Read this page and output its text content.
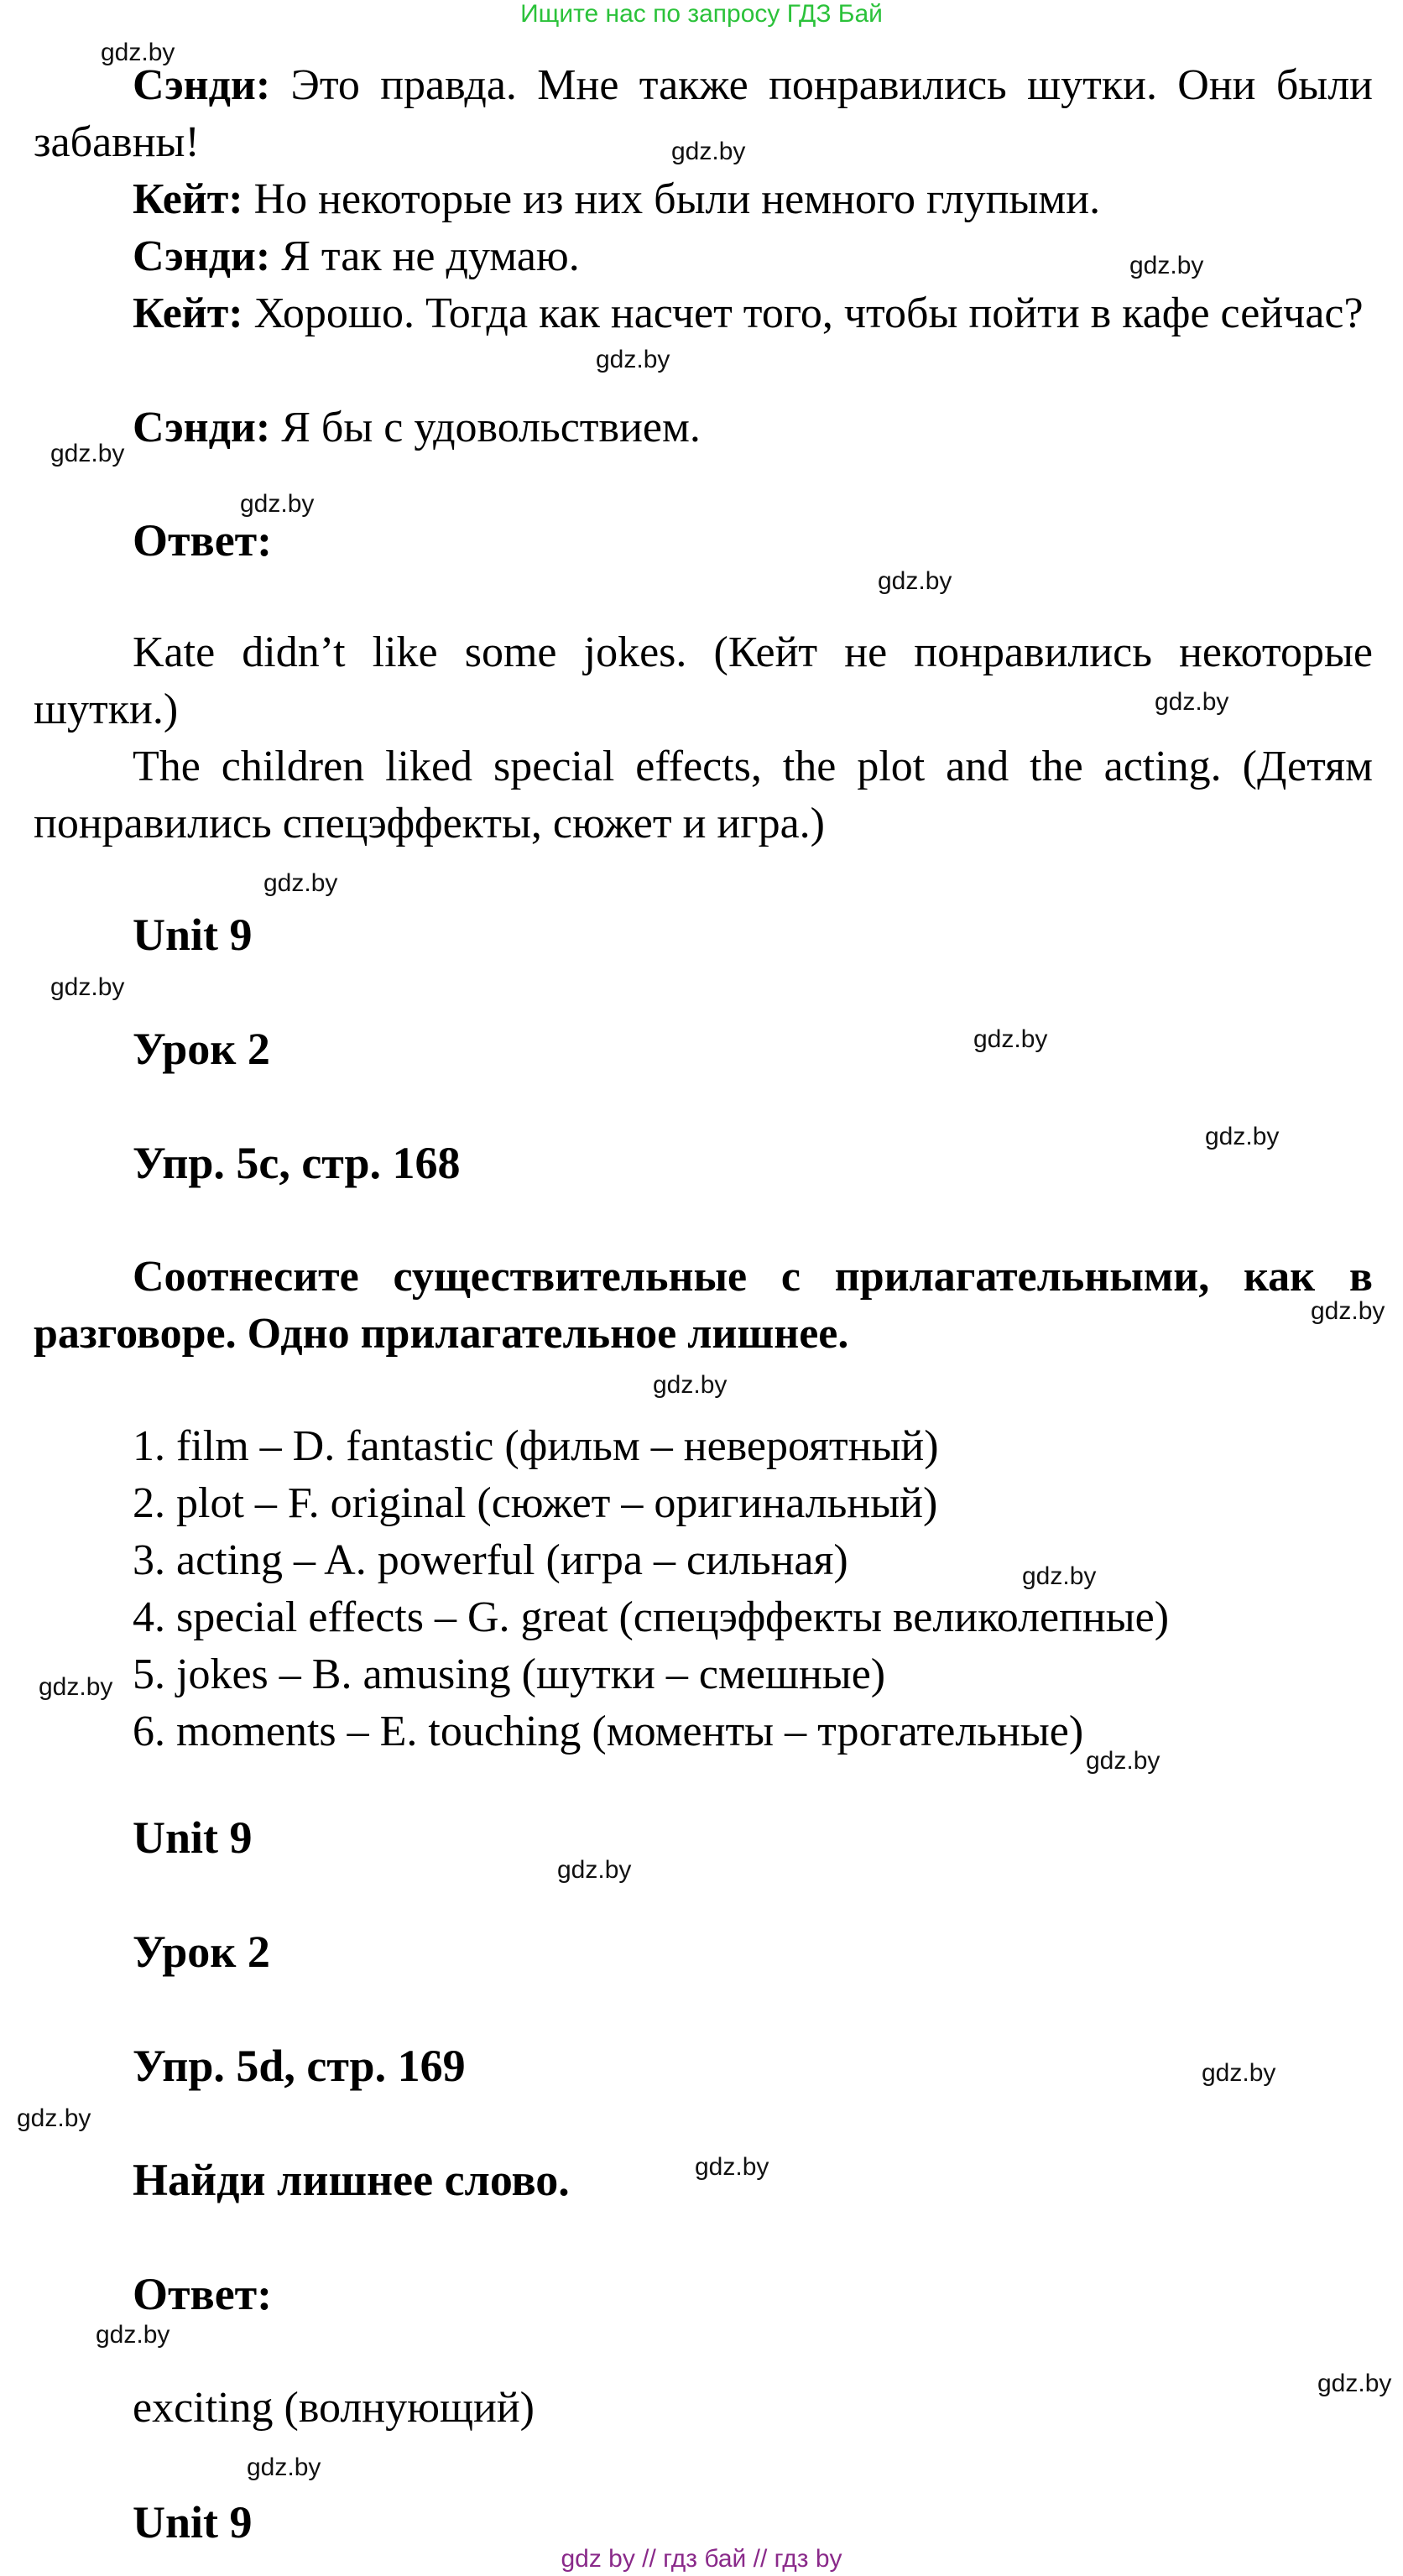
Ищите нас по запросу ГДЗ Бай
Сэнди: Это правда. Мне также понравились шутки. Они были забавны!
Кейт: Но некоторые из них были немного глупыми.
Сэнди: Я так не думаю.
Кейт: Хорошо. Тогда как насчет того, чтобы пойти в кафе сейчас?
Сэнди: Я бы с удовольствием.
Ответ:
Kate didn’t like some jokes. (Кейт не понравились некоторые шутки.)
The children liked special effects, the plot and the acting. (Детям понравились спецэффекты, сюжет и игра.)
Unit 9
Урок 2
Упр. 5с, стр. 168
Соотнесите существительные с прилагательными, как в разговоре. Одно прилагательное лишнее.
1. film – D. fantastic (фильм – невероятный)
2. plot – F. original (сюжет – оригинальный)
3. acting – A. powerful (игра – сильная)
4. special effects – G. great (спецэффекты великолепные)
5. jokes – B. amusing (шутки – смешные)
6. moments – E. touching (моменты – трогательные)
Unit 9
Урок 2
Упр. 5d, стр. 169
Найди лишнее слово.
Ответ:
exciting (волнующий)
Unit 9
gdz.by
gdz.by
gdz.by
gdz.by
gdz.by
gdz.by
gdz.by
gdz.by
gdz.by
gdz.by
gdz.by
gdz.by
gdz.by
gdz.by
gdz.by
gdz.by
gdz.by
gdz.by
gdz.by
gdz.by
gdz.by
gdz.by
gdz.by
gdz.by
gdz by // гдз бай // гдз by
